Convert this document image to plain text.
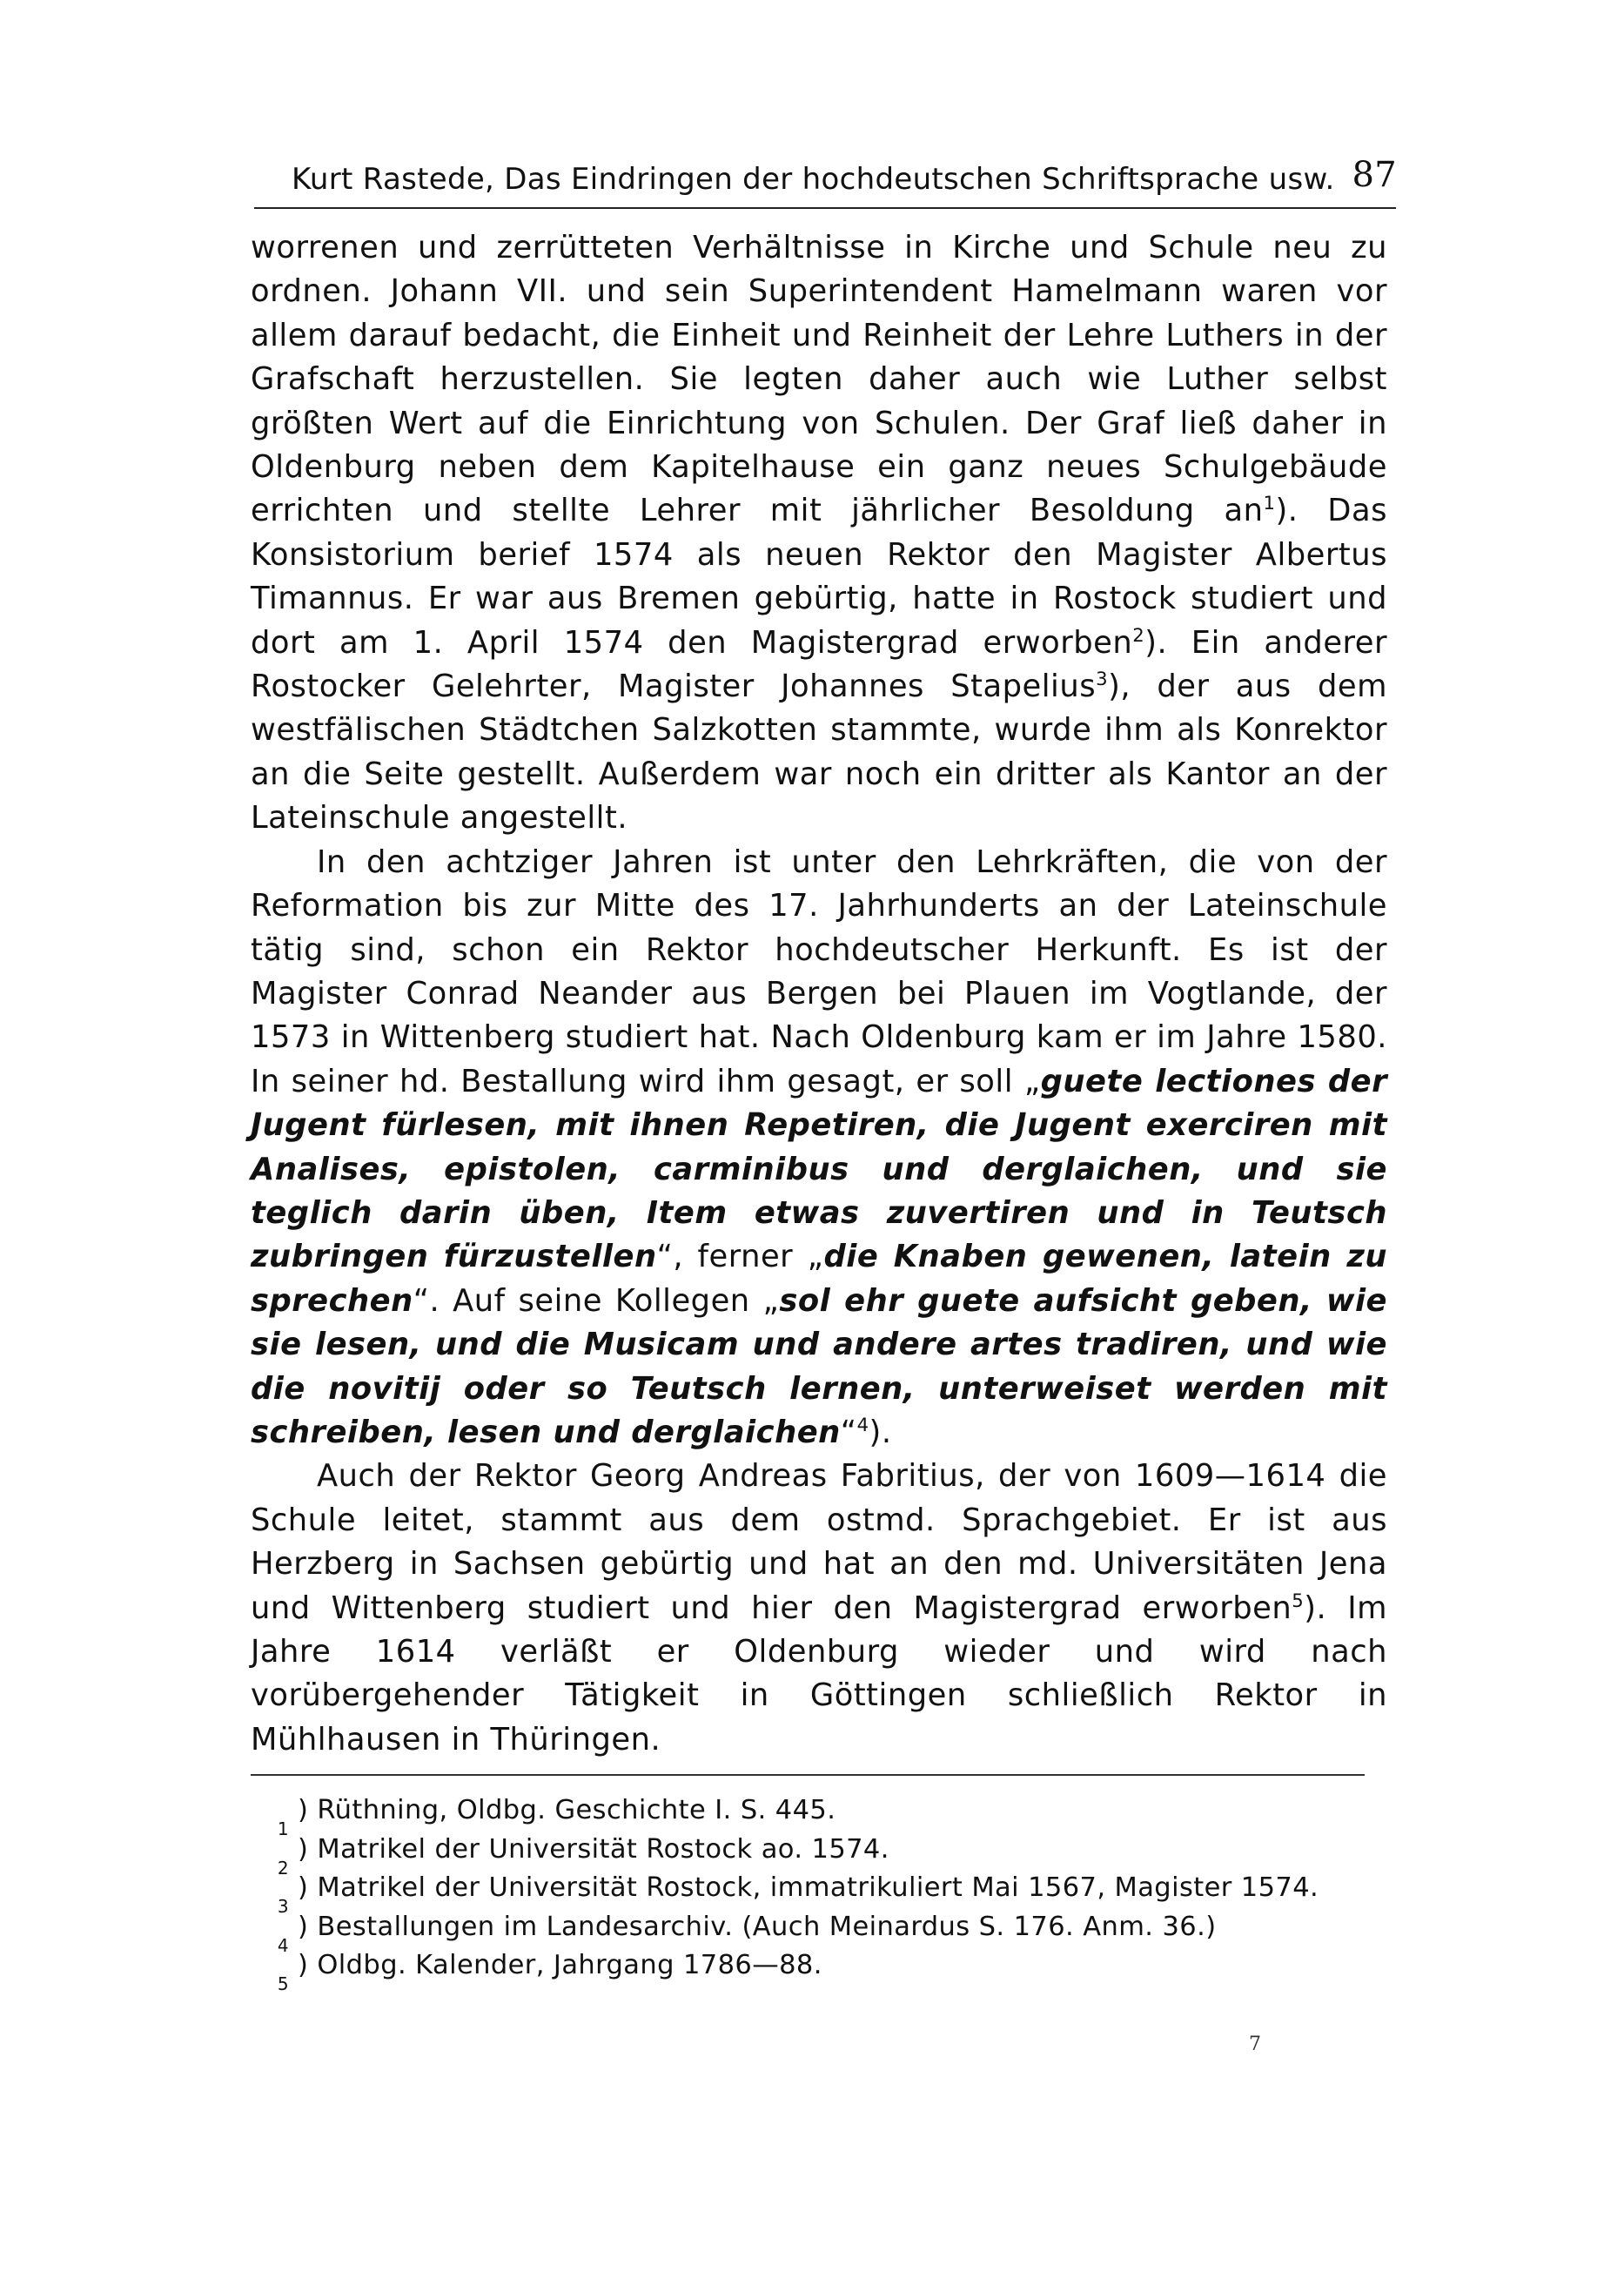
Kurt Rastede, Das Eindringen der hochdeutschen Schriftsprache usw. 87

worrenen und zerrütteten Verhältnisse in Kirche und Schule neu zu ordnen. Johann VII. und sein Superintendent Hamelmann waren vor allem darauf bedacht, die Einheit und Reinheit der Lehre Luthers in der Grafschaft herzustellen. Sie legten daher auch wie Luther selbst größten Wert auf die Einrichtung von Schulen. Der Graf ließ daher in Oldenburg neben dem Kapitelhause ein ganz neues Schulgebäude errichten und stellte Lehrer mit jährlicher Besoldung $an^1$). Das Konsistorium berief 1574 als neuen Rektor den Magister Albertus Timannus. Er war aus Bremen gebürtig, hatte in Rostock studiert und dort am 1. April 1574 den Magistergrad erworben$^2$). Ein anderer Rostocker Gelehrter, Magister Johannes Stapelius$^3$), der aus dem westfälischen Städtchen Salzkotten stammte, wurde ihm als Konrektor an die Seite gestellt. Außerdem war noch ein dritter als Kantor an der Lateinschule angestellt.

In den achtziger Jahren ist unter den Lehrkräften, die von der Reformation bis zur Mitte des 17. Jahrhunderts an der Lateinschule tätig sind, schon ein Rektor hochdeutscher Herkunft. Es ist der Magister Conrad Neander aus Bergen bei Plauen im Vogtlande, der 1573 in Wittenberg studiert hat. Nach Oldenburg kam er im Jahre 1580. In seiner hd. Bestallung wird ihm gesagt, er soll „guete lectiones der Jugent fürlesen, mit ihnen Repetiren, die Jugent exerciren mit Analises, epistolen, carminibus und derglaichen, und sie teglich darin üben, Item etwas zuvertiren und in Teutsch zubringen fürzustellen“, ferner „die Knaben gewenen, latein zu sprechen“. Auf seine Kollegen „sol ehr guete aufsicht geben, wie sie lesen, und die Musicam und andere artes tradiren, und wie die novitij oder so Teutsch lernen, unterweiset werden mit schreiben, lesen und derglaichen“$^4$).

Auch der Rektor Georg Andreas Fabritius, der von 1609—1614 die Schule leitet, stammt aus dem ostmd. Sprachgebiet. Er ist aus Herzberg in Sachsen gebürtig und hat an den md. Universitäten Jena und Wittenberg studiert und hier den Magistergrad erworben$^5$). Im Jahre 1614 verläßt er Oldenburg wieder und wird nach vorübergehender Tätigkeit in Göttingen schließlich Rektor in Mühlhausen in Thüringen.

1
) Rüthning, Oldbg. Geschichte I. S. 445.
2
) Matrikel der Universität Rostock ao. 1574.
3
) Matrikel der Universität Rostock, immatrikuliert Mai 1567, Magister 1574.
4
) Bestallungen im Landesarchiv. (Auch Meinardus S. 176. Anm. 36.)
5
) Oldbg. Kalender, Jahrgang 1786—88.
7
